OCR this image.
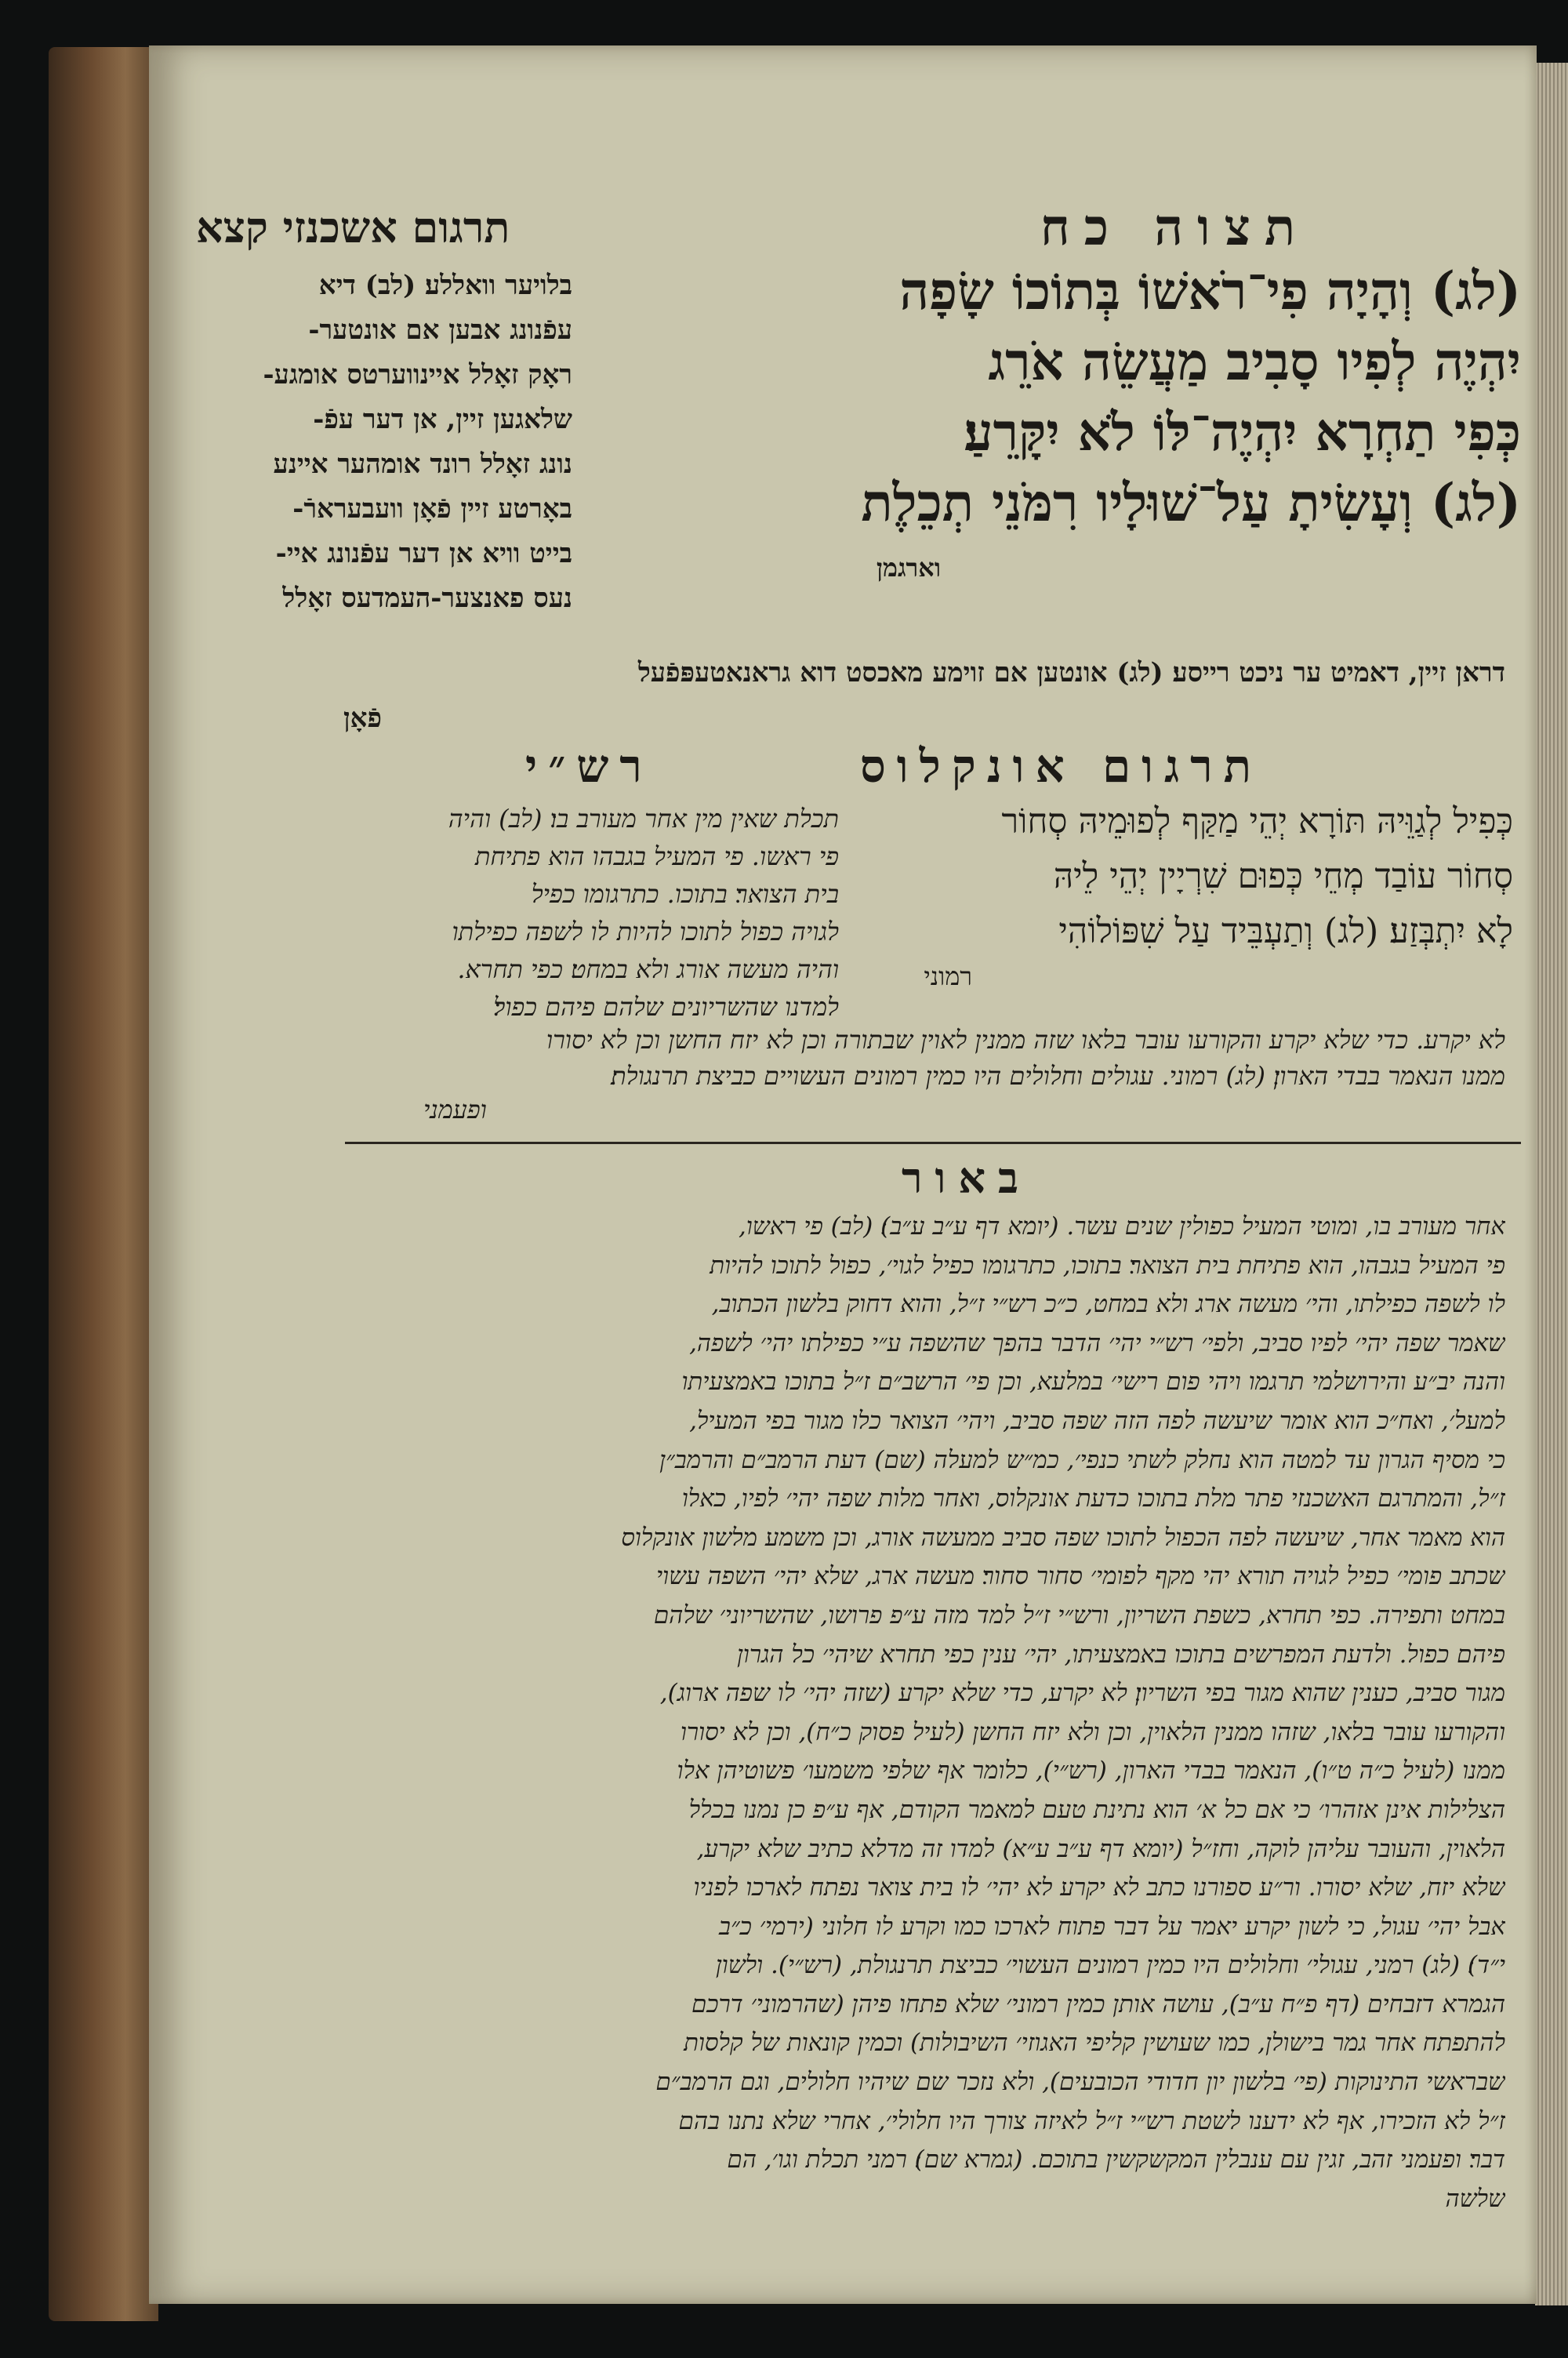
תצוה כח
תרגום אשכנזי קצא

(לג) וְהָיָה פִי־רֹאשׁוֹ בְּתוֹכוֹ שָׂפָה

יִהְיֶה לְפִיו סָבִיב מַעֲשֵׂה אֹרֵג

כְּפִי תַחְרָא יִהְיֶה־לּוֹ לֹא יִקָּרֵעַ׃

(לג) וְעָשִׂיתָ עַל־שׁוּלָיו רִמֹּנֵי תְכֵלֶת

וארגמן

בלויער וואללע׃ (לב) דיא

עפֿנונג אבען אם אונטער-

ראָק זאָלל איינווערטס אומגע-

שלאגען זיין, אן דער עפֿ-

נונג זאָלל רונד אומהער איינע

באָרטע זיין פֿאָן וועבערארֿ-

בייט וויא אן דער עפֿנונג איי-

נעס פאנצער-העמדעס זאָלל

דראן זיין, דאמיט ער ניכט רייסע׃ (לג) אונטען אם זוימע מאכסט דוא גראנאטעפּפֿעל

פֿאָן
תרגום אונקלוס
רש״י

כְּפִיל לְגַוֵּיהּ תּוֹרָא יְהֵי מַקַּף לְפוּמֵיהּ סְחוֹר

סְחוֹר עוֹבַד מְחֵי כְּפוּם שִׁרְיָין יְהֵי לֵיהּ

לָא יִתְבְּזַע׃ (לג) וְתַעְבֵּיד עַל שִׁפּוֹלוֹהִי

רמוני

תכלת שאין מין אחר מעורב בו׃ (לב) והיה

פי ראשו. פי המעיל בגבהו הוא פתיחת

בית הצואר׃ בתוכו. כתרגומו כפיל

לגויה כפול לתוכו להיות לו לשפה כפילתו

והיה מעשה אורג ולא במחט׃ כפי תחרא.

למדנו שהשריונים שלהם פיהם כפול׃

לא יקרע. כדי שלא יקרע והקורעו עובר בלאו שזה ממנין לאוין שבתורה וכן לא יזח החשן וכן לא יסורו

ממנו הנאמר בבדי הארון׃ (לג) רמוני. עגולים וחלולים היו כמין רמונים העשויים כביצת תרנגולת׃

ופעמני
באור

אחר מעורב בו, ומוטי המעיל כפולין שנים עשר. (יומא דף ע״ב ע״ב)׃ (לב) פי ראשו,

פי המעיל בגבהו, הוא פתיחת בית הצואר׃ בתוכו, כתרגומו כפיל לגוי׳, כפול לתוכו להיות

לו לשפה כפילתו, והי׳ מעשה ארג ולא במחט, כ״כ רש״י ז״ל, והוא דחוק בלשון הכתוב,

שאמר שפה יהי׳ לפיו סביב, ולפי׳ רש״י יהי׳ הדבר בהפך שהשפה ע״י כפילתו יהי׳ לשפה,

והנה יב״ע והירושלמי תרגמו ויהי פום רישי׳ במלעא, וכן פי׳ הרשב״ם ז״ל בתוכו באמצעיתו

למעל׳, ואח״כ הוא אומר שיעשה לפה הזה שפה סביב, ויהי׳ הצואר כלו מגור בפי המעיל,

כי מסיף הגרון עד למטה הוא נחלק לשתי כנפי׳, כמ״ש למעלה (שם) דעת הרמב״ם והרמב״ן

ז״ל, והמתרגם האשכנזי פתר מלת בתוכו כדעת אונקלוס, ואחר מלות שפה יהי׳ לפיו, כאלו

הוא מאמר אחר, שיעשה לפה הכפול לתוכו שפה סביב ממעשה אורג, וכן משמע מלשון אונקלוס

שכתב פומי׳ כפיל לגויה תורא יהי מקף לפומי׳ סחור סחור׃ מעשה ארג, שלא יהי׳ השפה עשוי

במחט ותפירה. כפי תחרא, כשפת השריון, ורש״י ז״ל למד מזה ע״פ פרושו, שהשריוני׳ שלהם

פיהם כפול. ולדעת המפרשים בתוכו באמצעיתו, יהי׳ ענין כפי תחרא שיהי׳ כל הגרון

מגור סביב, כענין שהוא מגור בפי השריון׃ לא יקרע, כדי שלא יקרע (שזה יהי׳ לו שפה ארוג),

והקורעו עובר בלאו, שזהו ממנין הלאוין, וכן ולא יזח החשן (לעיל פסוק כ״ח), וכן לא יסורו

ממנו (לעיל כ״ה ט״ו), הנאמר בבדי הארון, (רש״י), כלומר אף שלפי משמעו׳ פשוטיהן אלו

הצלילות אינן אזהרו׳ כי אם כל א׳ הוא נתינת טעם למאמר הקודם, אף ע״פ כן נמנו בכלל

הלאוין, והעובר עליהן לוקה, וחז״ל (יומא דף ע״ב ע״א) למדו זה מדלא כתיב שלא יקרע,

שלא יזח, שלא יסורו. ור״ע ספורנו כתב לא יקרע לא יהי׳ לו בית צואר נפתח לארכו לפניו

אבל יהי׳ עגול, כי לשון יקרע יאמר על דבר פתוח לארכו כמו וקרע לו חלוני (ירמי׳ כ״ב

י״ד)׃ (לג) רמני, עגולי׳ וחלולים היו כמין רמונים העשוי׳ כביצת תרנגולת, (רש״י). ולשון

הגמרא דזבחים (דף פ״ח ע״ב), עושה אותן כמין רמוני׳ שלא פתחו פיהן (שהרמוני׳ דרכם

להתפתח אחר גמר בישולן, כמו שעושין קליפי האגוזי׳ השיבולות) וכמין קונאות של קלסות

שבראשי התינוקות (פי׳ בלשון יון חדודי הכובעים), ולא נזכר שם שיהיו חלולים, וגם הרמב״ם

ז״ל לא הזכירו, אף לא ידענו לשטת רש״י ז״ל לאיזה צורך היו חלולי׳, אחרי שלא נתנו בהם

דבר׃ ופעמני זהב, זגין עם ענבלין המקשקשין בתוכם. (גמרא שם)׃ רמני תכלת וגו׳, הם

שלשה
